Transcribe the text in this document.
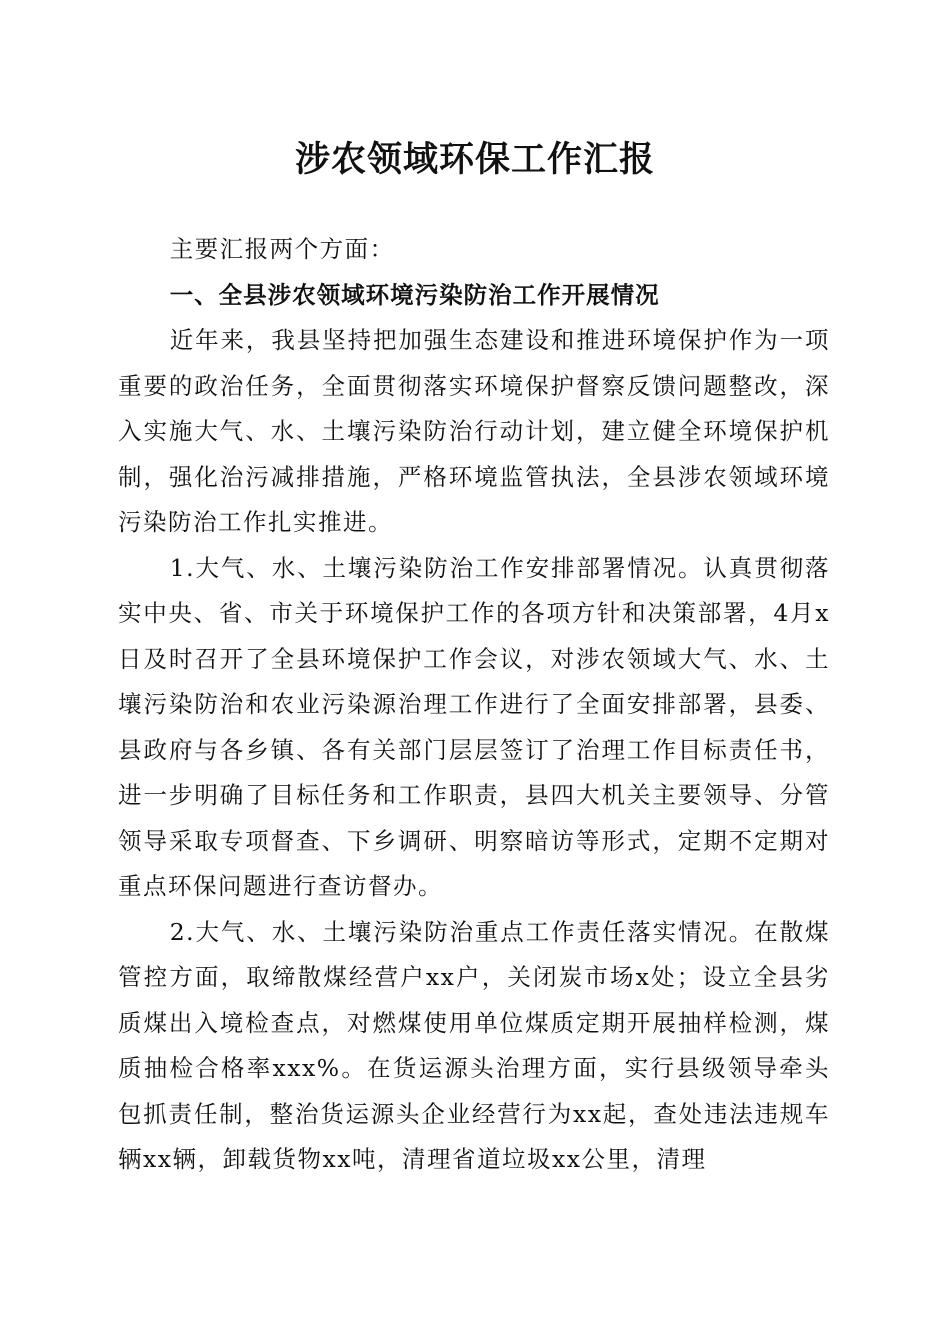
涉农领域环保工作汇报

主要汇报两个方面：

一、全县涉农领域环境污染防治工作开展情况

近年来，我县坚持把加强生态建设和推进环境保护作为一项重要的政治任务，全面贯彻落实环境保护督察反馈问题整改，深入实施大气、水、土壤污染防治行动计划，建立健全环境保护机制，强化治污减排措施，严格环境监管执法，全县涉农领域环境污染防治工作扎实推进。

1.大气、水、土壤污染防治工作安排部署情况。认真贯彻落实中央、省、市关于环境保护工作的各项方针和决策部署，4月x日及时召开了全县环境保护工作会议，对涉农领域大气、水、土壤污染防治和农业污染源治理工作进行了全面安排部署，县委、县政府与各乡镇、各有关部门层层签订了治理工作目标责任书，进一步明确了目标任务和工作职责，县四大机关主要领导、分管领导采取专项督查、下乡调研、明察暗访等形式，定期不定期对重点环保问题进行查访督办。

2.大气、水、土壤污染防治重点工作责任落实情况。在散煤管控方面，取缔散煤经营户xx户，关闭炭市场x处；设立全县劣质煤出入境检查点，对燃煤使用单位煤质定期开展抽样检测，煤质抽检合格率xxx%。在货运源头治理方面，实行县级领导牵头包抓责任制，整治货运源头企业经营行为xx起，查处违法违规车辆xx辆，卸载货物xx吨，清理省道垃圾xx公里，清理
